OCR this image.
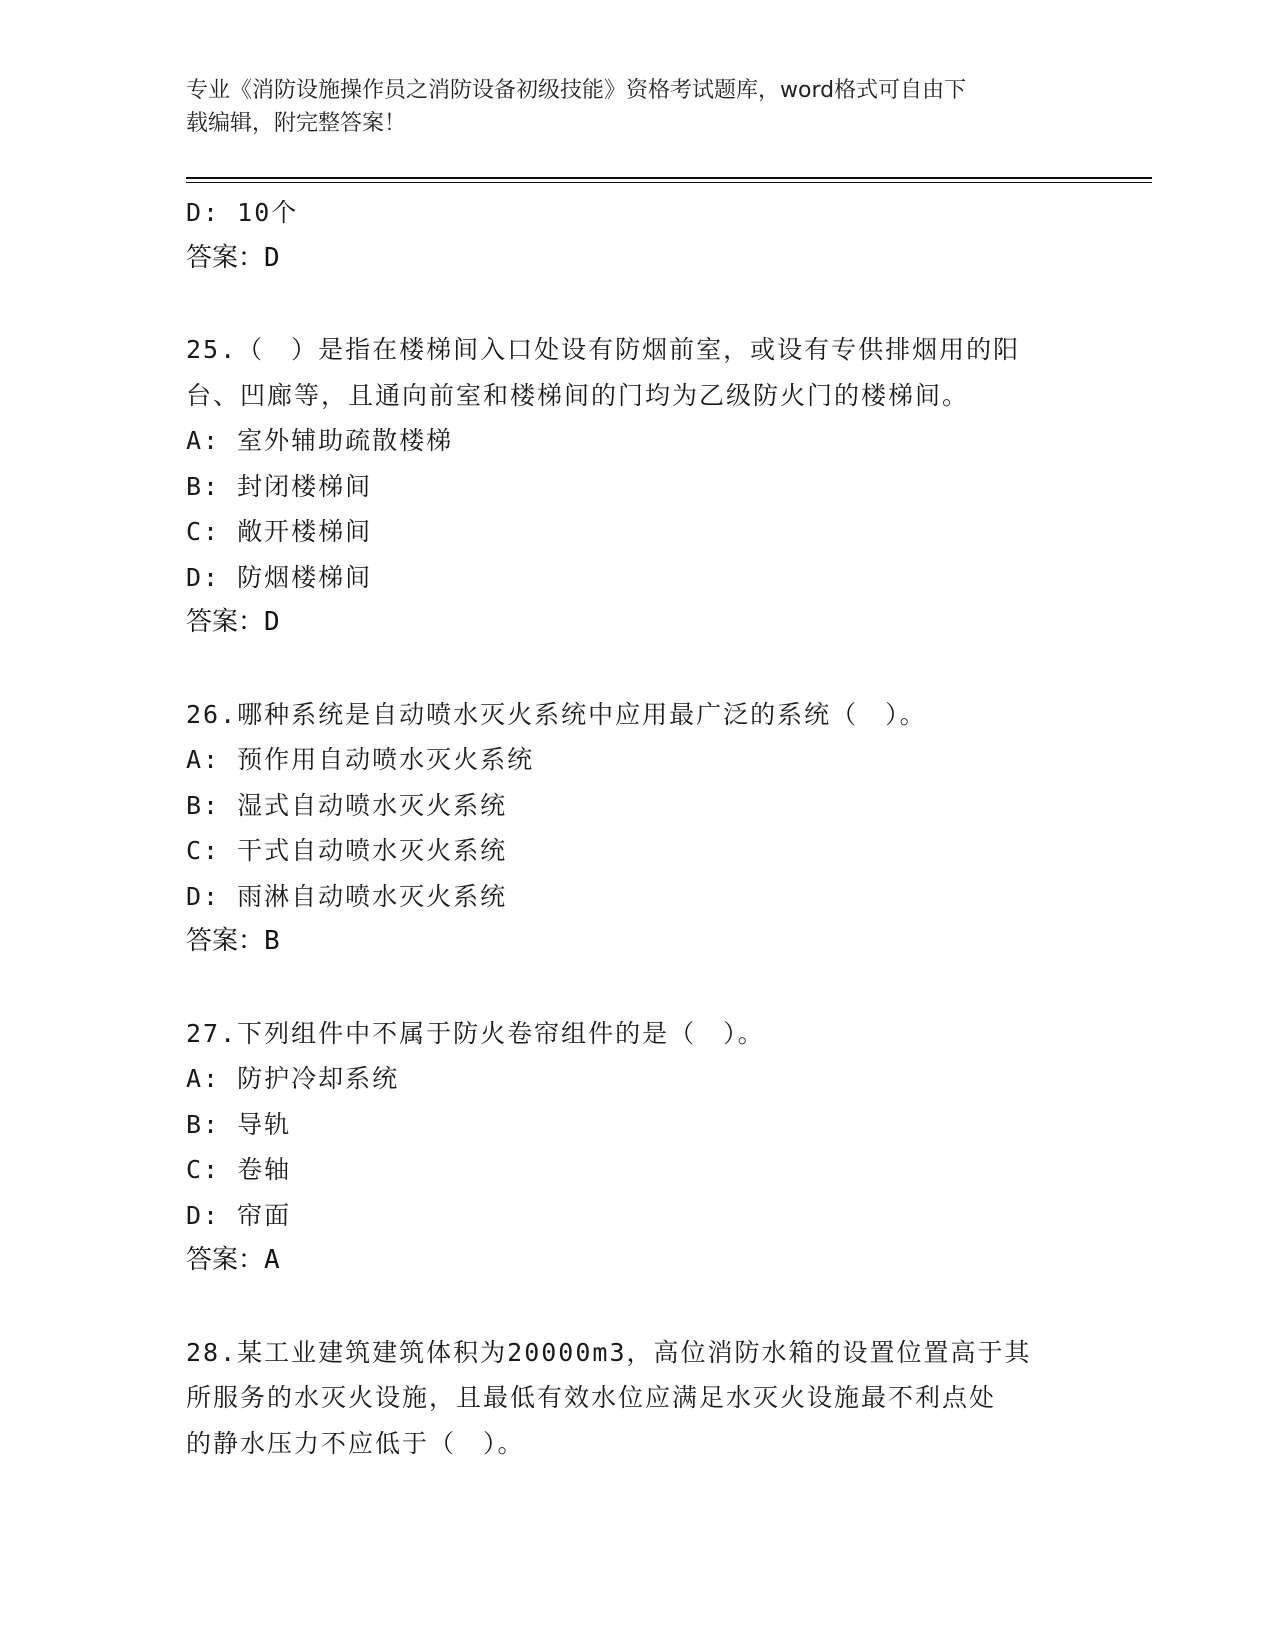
专业《消防设施操作员之消防设备初级技能》资格考试题库，word格式可自由下
载编辑，附完整答案！
D: 10个
答案：D
25.（　）是指在楼梯间入口处设有防烟前室，或设有专供排烟用的阳
台、凹廊等，且通向前室和楼梯间的门均为乙级防火门的楼梯间。
A: 室外辅助疏散楼梯
B: 封闭楼梯间
C: 敞开楼梯间
D: 防烟楼梯间
答案：D
26.哪种系统是自动喷水灭火系统中应用最广泛的系统（　）。
A: 预作用自动喷水灭火系统
B: 湿式自动喷水灭火系统
C: 干式自动喷水灭火系统
D: 雨淋自动喷水灭火系统
答案：B
27.下列组件中不属于防火卷帘组件的是（　）。
A: 防护冷却系统
B: 导轨
C: 卷轴
D: 帘面
答案：A
28.某工业建筑建筑体积为20000m3，高位消防水箱的设置位置高于其
所服务的水灭火设施，且最低有效水位应满足水灭火设施最不利点处
的静水压力不应低于（　）。
